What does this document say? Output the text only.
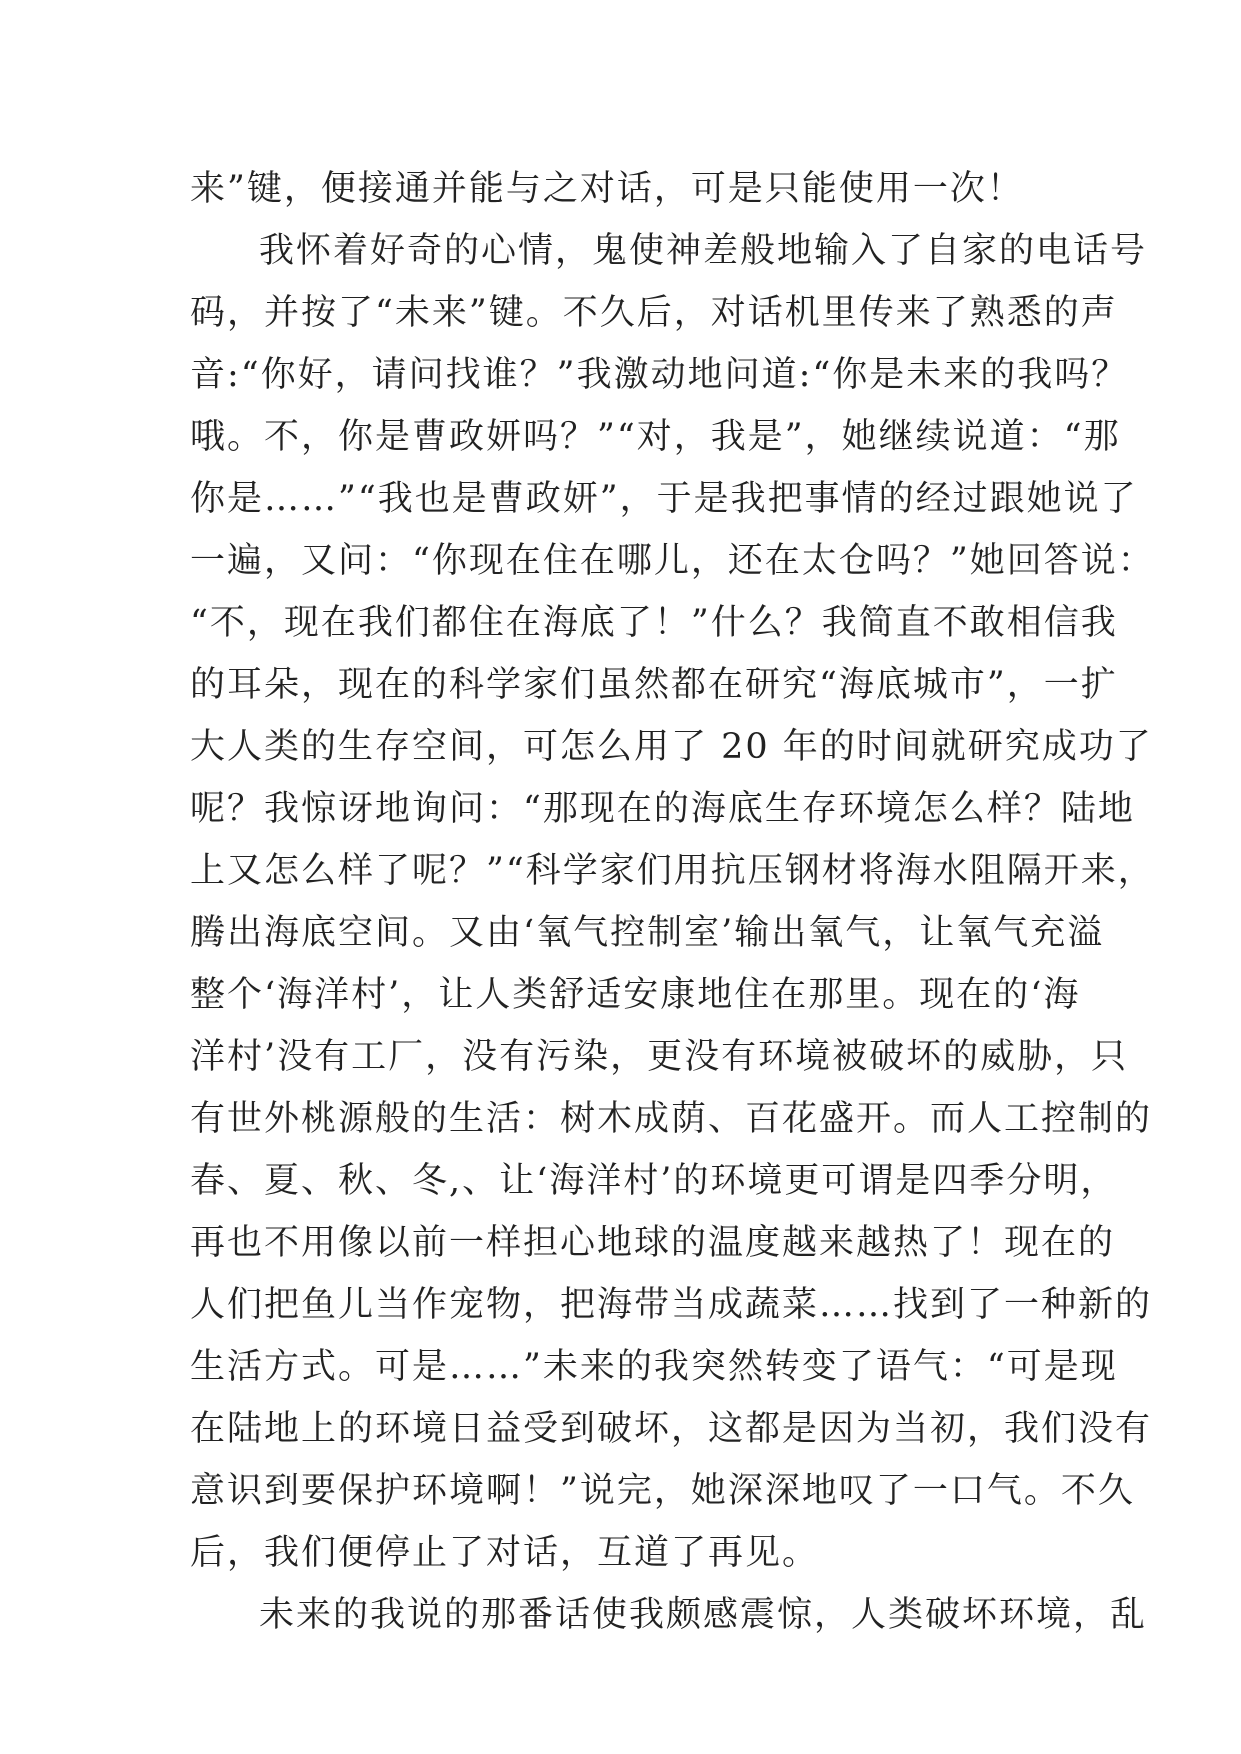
来”键，便接通并能与之对话，可是只能使用一次！
我怀着好奇的心情，鬼使神差般地输入了自家的电话号
码，并按了“未来”键。不久后，对话机里传来了熟悉的声
音:“你好，请问找谁？”我激动地问道:“你是未来的我吗？
哦。不，你是曹政妍吗？”“对，我是”，她继续说道：“那
你是……”“我也是曹政妍”，于是我把事情的经过跟她说了
一遍，又问：“你现在住在哪儿，还在太仓吗？”她回答说：
“不，现在我们都住在海底了！”什么？我简直不敢相信我
的耳朵，现在的科学家们虽然都在研究“海底城市”，一扩
大人类的生存空间，可怎么用了 20 年的时间就研究成功了
呢？我惊讶地询问：“那现在的海底生存环境怎么样？陆地
上又怎么样了呢？”“科学家们用抗压钢材将海水阻隔开来，
腾出海底空间。又由‘氧气控制室’输出氧气，让氧气充溢
整个‘海洋村’，让人类舒适安康地住在那里。现在的‘海
洋村’没有工厂，没有污染，更没有环境被破坏的威胁，只
有世外桃源般的生活：树木成荫、百花盛开。而人工控制的
春、夏、秋、冬,、让‘海洋村’的环境更可谓是四季分明，
再也不用像以前一样担心地球的温度越来越热了！现在的
人们把鱼儿当作宠物，把海带当成蔬菜……找到了一种新的
生活方式。可是……”未来的我突然转变了语气：“可是现
在陆地上的环境日益受到破坏，这都是因为当初，我们没有
意识到要保护环境啊！”说完，她深深地叹了一口气。不久
后，我们便停止了对话，互道了再见。
未来的我说的那番话使我颇感震惊，人类破坏环境，乱
